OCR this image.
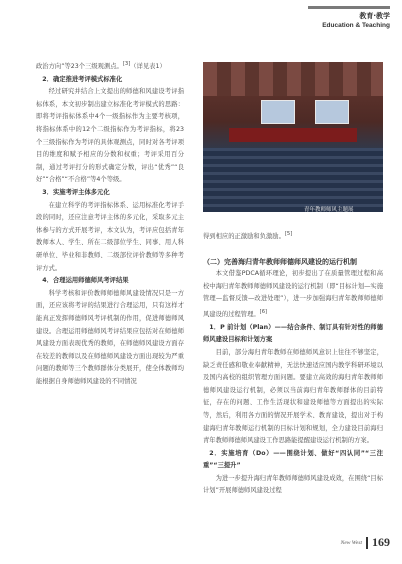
教育·教学
Education & Teaching

政治方向”等23个三级观测点。[3]（详见表1）

2．确定推进考评模式标准化

经过研究并结合上文提出的师德和风建设考评指标体系，本文初步制出建立标准化考评模式的思路：即将考评指标体系中4个一级指标作为主要考核项，将指标体系中的12个二级指标作为考评指标，将23个三级指标作为考评的具体观测点，同时对各考评项目的维度和赋予相应的分数和权重；考评采用百分制，通过考评打分的形式确定分数，评出“优秀”“良好”“合格”“不合格”等4个等级。

3．实施考评主体多元化

在建立科学的考评指标体系、运用标准化考评手段的同时，还应注意考评主体的多元化，采取多元主体参与的方式开展考评，本文认为，考评应包括青年教师本人、学生、所在二级部位学生、同事、用人科研单位、毕业和非教师、二级部位评价教师等多种考评方式。

4．合理运用师德师风考评结果

科学考核和评价教师师德师风建设情况只是一方面，还应该将考评的结果进行合理运用，只有这样才能真正发挥师德师风考评机制的作用，促进师德师风建设。合理运用师德师风考评结果应包括对在师德师风建设方面表现优秀的教师，在师德师风建设方面存在较差的教师以及在师德师风建设方面出现较为严重问题的教师等三个教师群体分类展开，使全体教师均能根据自身师德师风建设的不同情况

青年教师师风主题展

得到相应的正激励和负激励。[5]

（二）完善海归青年教师师德师风建设的运行机制

本文借鉴PDCA循环理论，初步提出了在质量管理过程和高校中海归青年教师师德师风建设的运行机制（即“目标计划—实施管理—监督反馈—改进处理”），进一步加强海归青年教师师德师风建设的过程管理。[6]

1．P 前计划（Plan）——结合条件、制订具有针对性的师德师风建设目标和计划方案

目前，部分海归青年教师在师德师风意识上往往不够坚定，缺乏责任感和敬业奉献精神，无法快速适应国内教学科研环境以及国内高校的组织管理方面问题。要建立高效的海归青年教师师德师风建设运行机制，必须以当前海归青年教师群体的目前特征，存在的问题、工作生活现状和建设师德等方面提出的实际等，然后，利用各方面的情况开展学术、教育建设，提出对于构建海归青年教师运行机制的目标计划和规划，全力建设目前海归青年教师师德师风建设工作思路能提醒建设运行机制的方案。

2．实施培育（Do）——围绕计划、做好“四认同”“三注重”“三提升”

为进一步提升海归青年教师师德师风建设成效，在围绕“目标计划”开展师德师风建设过程

New West 169
